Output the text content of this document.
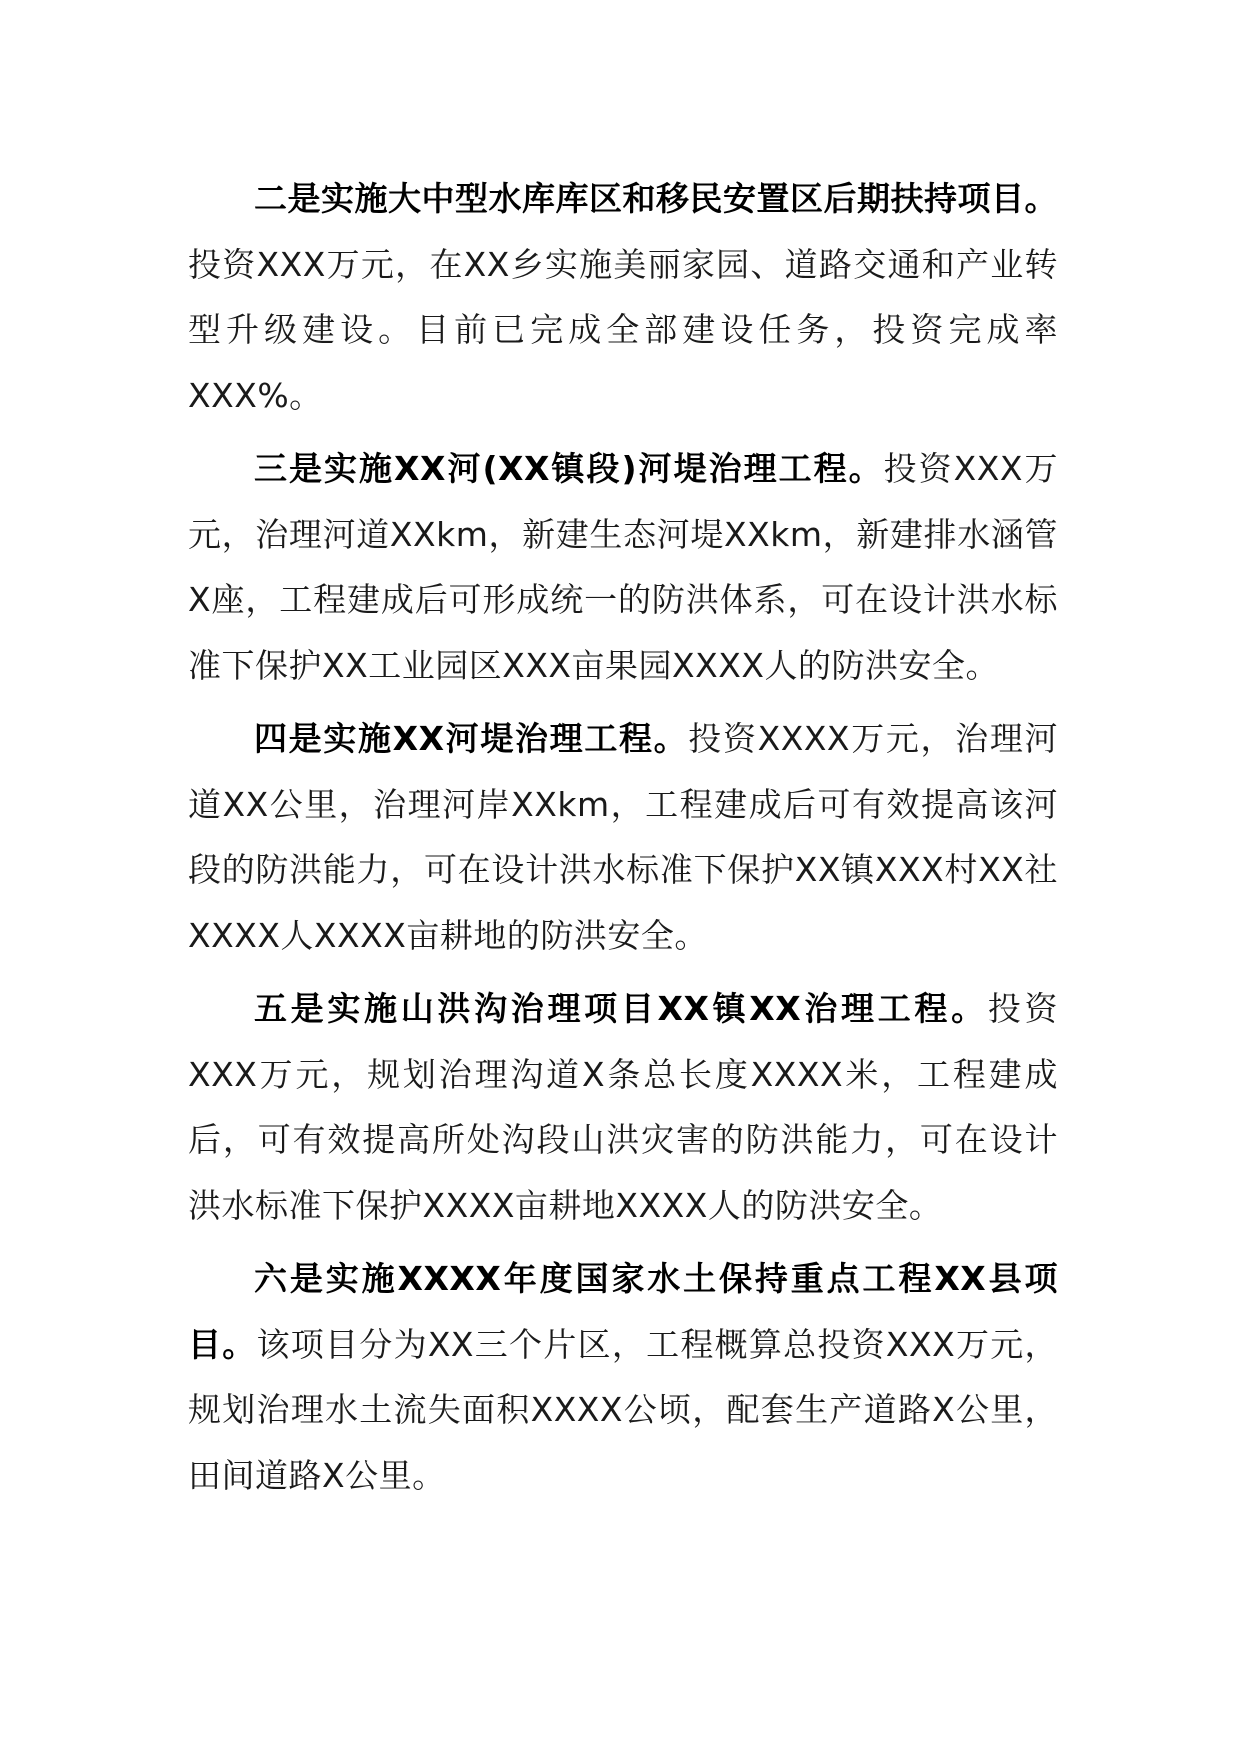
二是实施大中型水库库区和移民安置区后期扶持项目。投资XXX万元，在XX乡实施美丽家园、道路交通和产业转型升级建设。目前已完成全部建设任务，投资完成率XXX%。

三是实施XX河(XX镇段)河堤治理工程。投资XXX万元，治理河道XXkm，新建生态河堤XXkm，新建排水涵管X座，工程建成后可形成统一的防洪体系，可在设计洪水标准下保护XX工业园区XXX亩果园XXXX人的防洪安全。

四是实施XX河堤治理工程。投资XXXX万元，治理河道XX公里，治理河岸XXkm，工程建成后可有效提高该河段的防洪能力，可在设计洪水标准下保护XX镇XXX村XX社XXXX人XXXX亩耕地的防洪安全。

五是实施山洪沟治理项目XX镇XX治理工程。投资XXX万元，规划治理沟道X条总长度XXXX米，工程建成后，可有效提高所处沟段山洪灾害的防洪能力，可在设计洪水标准下保护XXXX亩耕地XXXX人的防洪安全。

六是实施XXXX年度国家水土保持重点工程XX县项目。该项目分为XX三个片区，工程概算总投资XXX万元，规划治理水土流失面积XXXX公顷，配套生产道路X公里，田间道路X公里。
